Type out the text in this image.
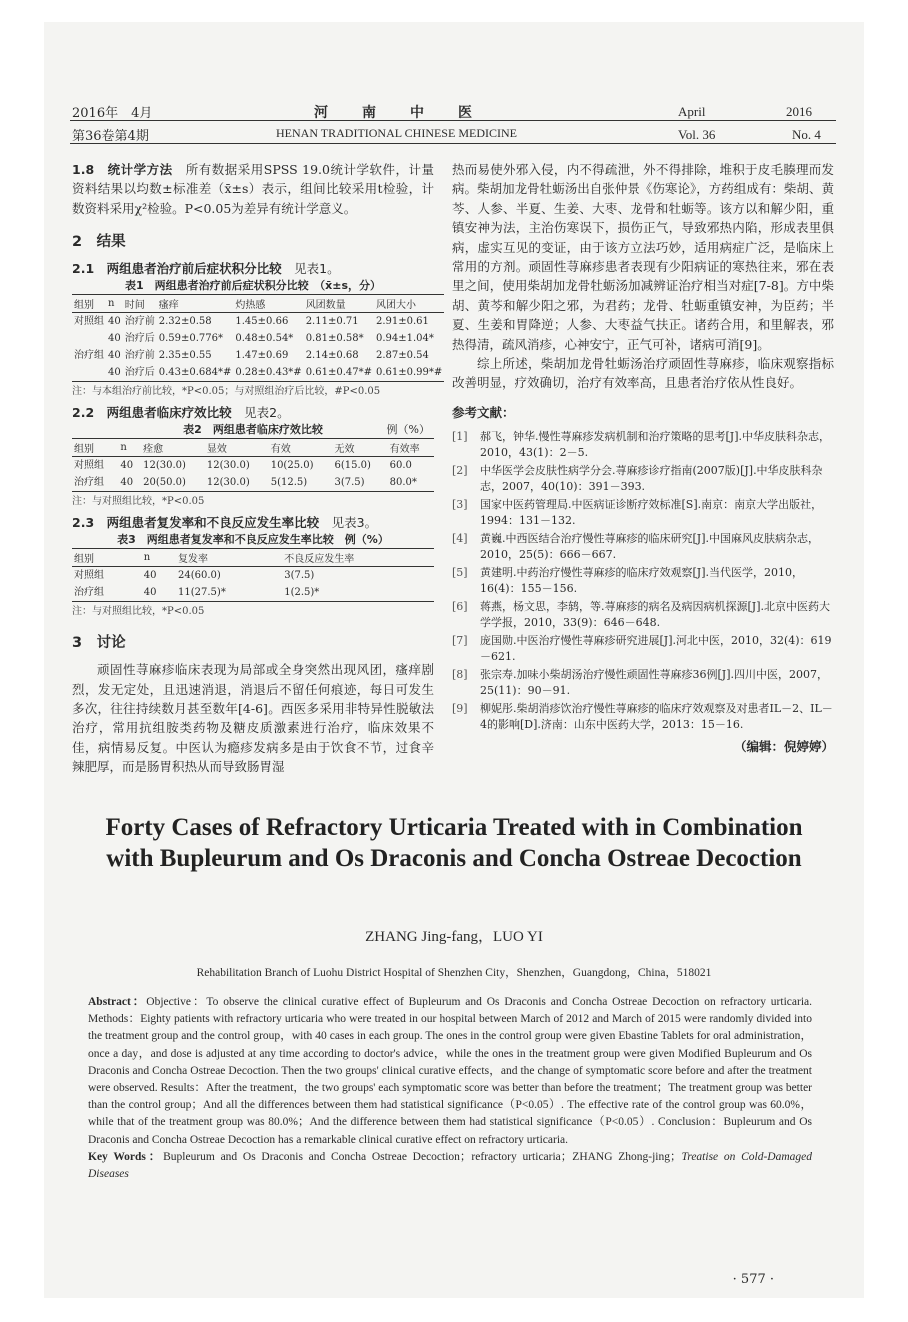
2016年　4月
第36卷第4期
河　　南　　中　　医
HENAN TRADITIONAL CHINESE MEDICINE
April	2016
Vol. 36	No. 4

1.8　统计学方法　所有数据采用SPSS 19.0统计学软件，计量资料结果以均数±标准差（x̄±s）表示，组间比较采用t检验，计数资料采用χ²检验。P<0.05为差异有统计学意义。

2　结果
2.1　两组患者治疗前后症状积分比较　见表1。
表1　两组患者治疗前后症状积分比较　（x̄±s，分）
组别	n	时间	瘙痒	灼热感	风团数量	风团大小
对照组	40	治疗前	2.32±0.58	1.45±0.66	2.11±0.71	2.91±0.61
	40	治疗后	0.59±0.776*	0.48±0.54*	0.81±0.58*	0.94±1.04*
治疗组	40	治疗前	2.35±0.55	1.47±0.69	2.14±0.68	2.87±0.54
	40	治疗后	0.43±0.684*#	0.28±0.43*#	0.61±0.47*#	0.61±0.99*#
注：与本组治疗前比较，*P<0.05；与对照组治疗后比较，#P<0.05
2.2　两组患者临床疗效比较　见表2。
表2　两组患者临床疗效比较	例（%）
组别	n	痊愈	显效	有效	无效	有效率
对照组	40	12(30.0)	12(30.0)	10(25.0)	6(15.0)	60.0
治疗组	40	20(50.0)	12(30.0)	5(12.5)	3(7.5)	80.0*
注：与对照组比较，*P<0.05
2.3　两组患者复发率和不良反应发生率比较　见表3。
表3　两组患者复发率和不良反应发生率比较　例（%）
组别	n	复发率	不良反应发生率
对照组	40	24(60.0)	3(7.5)
治疗组	40	11(27.5)*	1(2.5)*
注：与对照组比较，*P<0.05
3　讨论

顽固性荨麻疹临床表现为局部或全身突然出现风团，瘙痒剧烈，发无定处，且迅速消退，消退后不留任何痕迹，每日可发生多次，往往持续数月甚至数年[4-6]。西医多采用非特异性脱敏法治疗，常用抗组胺类药物及糖皮质激素进行治疗，临床效果不佳，病情易反复。中医认为瘾疹发病多是由于饮食不节，过食辛辣肥厚，而是肠胃积热从而导致肠胃湿

热而易使外邪入侵，内不得疏泄，外不得排除，堆积于皮毛腠理而发病。柴胡加龙骨牡蛎汤出自张仲景《伤寒论》，方药组成有：柴胡、黄芩、人参、半夏、生姜、大枣、龙骨和牡蛎等。该方以和解少阳，重镇安神为法，主治伤寒误下，损伤正气，导致邪热内陷，形成表里俱病，虚实互见的变证，由于该方立法巧妙，适用病症广泛，是临床上常用的方剂。顽固性荨麻疹患者表现有少阳病证的寒热往来，邪在表里之间，使用柴胡加龙骨牡蛎汤加减辨证治疗相当对症[7-8]。方中柴胡、黄芩和解少阳之邪，为君药；龙骨、牡蛎重镇安神，为臣药；半夏、生姜和胃降逆；人参、大枣益气扶正。诸药合用，和里解表，邪热得清，疏风消疹，心神安宁，正气可补，诸病可消[9]。

综上所述，柴胡加龙骨牡蛎汤治疗顽固性荨麻疹，临床观察指标改善明显，疗效确切，治疗有效率高，且患者治疗依从性良好。

参考文献：
[1]	郝飞，钟华.慢性荨麻疹发病机制和治疗策略的思考[J].中华皮肤科杂志，2010，43(1)：2－5.
[2]	中华医学会皮肤性病学分会.荨麻疹诊疗指南(2007版)[J].中华皮肤科杂志，2007，40(10)：391－393.
[3]	国家中医药管理局.中医病证诊断疗效标准[S].南京：南京大学出版社，1994：131－132.
[4]	黄巍.中西医结合治疗慢性荨麻疹的临床研究[J].中国麻风皮肤病杂志，2010，25(5)：666－667.
[5]	黄建明.中药治疗慢性荨麻疹的临床疗效观察[J].当代医学，2010，16(4)：155－156.
[6]	蒋燕，杨文思，李鸫，等.荨麻疹的病名及病因病机探源[J].北京中医药大学学报，2010，33(9)：646－648.
[7]	庞国勋.中医治疗慢性荨麻疹研究进展[J].河北中医，2010，32(4)：619－621.
[8]	张宗寿.加味小柴胡汤治疗慢性顽固性荨麻疹36例[J].四川中医，2007，25(11)：90－91.
[9]	柳妮彤.柴胡消疹饮治疗慢性荨麻疹的临床疗效观察及对患者IL－2、IL－4的影响[D].济南：山东中医药大学，2013：15－16.
（编辑：倪婷婷）
Forty Cases of Refractory Urticaria Treated with in Combination with Bupleurum and Os Draconis and Concha Ostreae Decoction
ZHANG Jing-fang，LUO YI
Rehabilitation Branch of Luohu District Hospital of Shenzhen City，Shenzhen，Guangdong，China，518021
Abstract：Objective：To observe the clinical curative effect of Bupleurum and Os Draconis and Concha Ostreae Decoction on refractory urticaria. Methods：Eighty patients with refractory urticaria who were treated in our hospital between March of 2012 and March of 2015 were randomly divided into the treatment group and the control group，with 40 cases in each group. The ones in the control group were given Ebastine Tablets for oral administration，once a day，and dose is adjusted at any time according to doctor's advice，while the ones in the treatment group were given Modified Bupleurum and Os Draconis and Concha Ostreae Decoction. Then the two groups' clinical curative effects，and the change of symptomatic score before and after the treatment were observed. Results：After the treatment，the two groups' each symptomatic score was better than before the treatment；The treatment group was better than the control group；And all the differences between them had statistical significance（P<0.05）. The effective rate of the control group was 60.0%，while that of the treatment group was 80.0%；And the difference between them had statistical significance（P<0.05）. Conclusion：Bupleurum and Os Draconis and Concha Ostreae Decoction has a remarkable clinical curative effect on refractory urticaria.
Key Words：Bupleurum and Os Draconis and Concha Ostreae Decoction；refractory urticaria；ZHANG Zhong-jing；Treatise on Cold-Damaged Diseases
· 577 ·
